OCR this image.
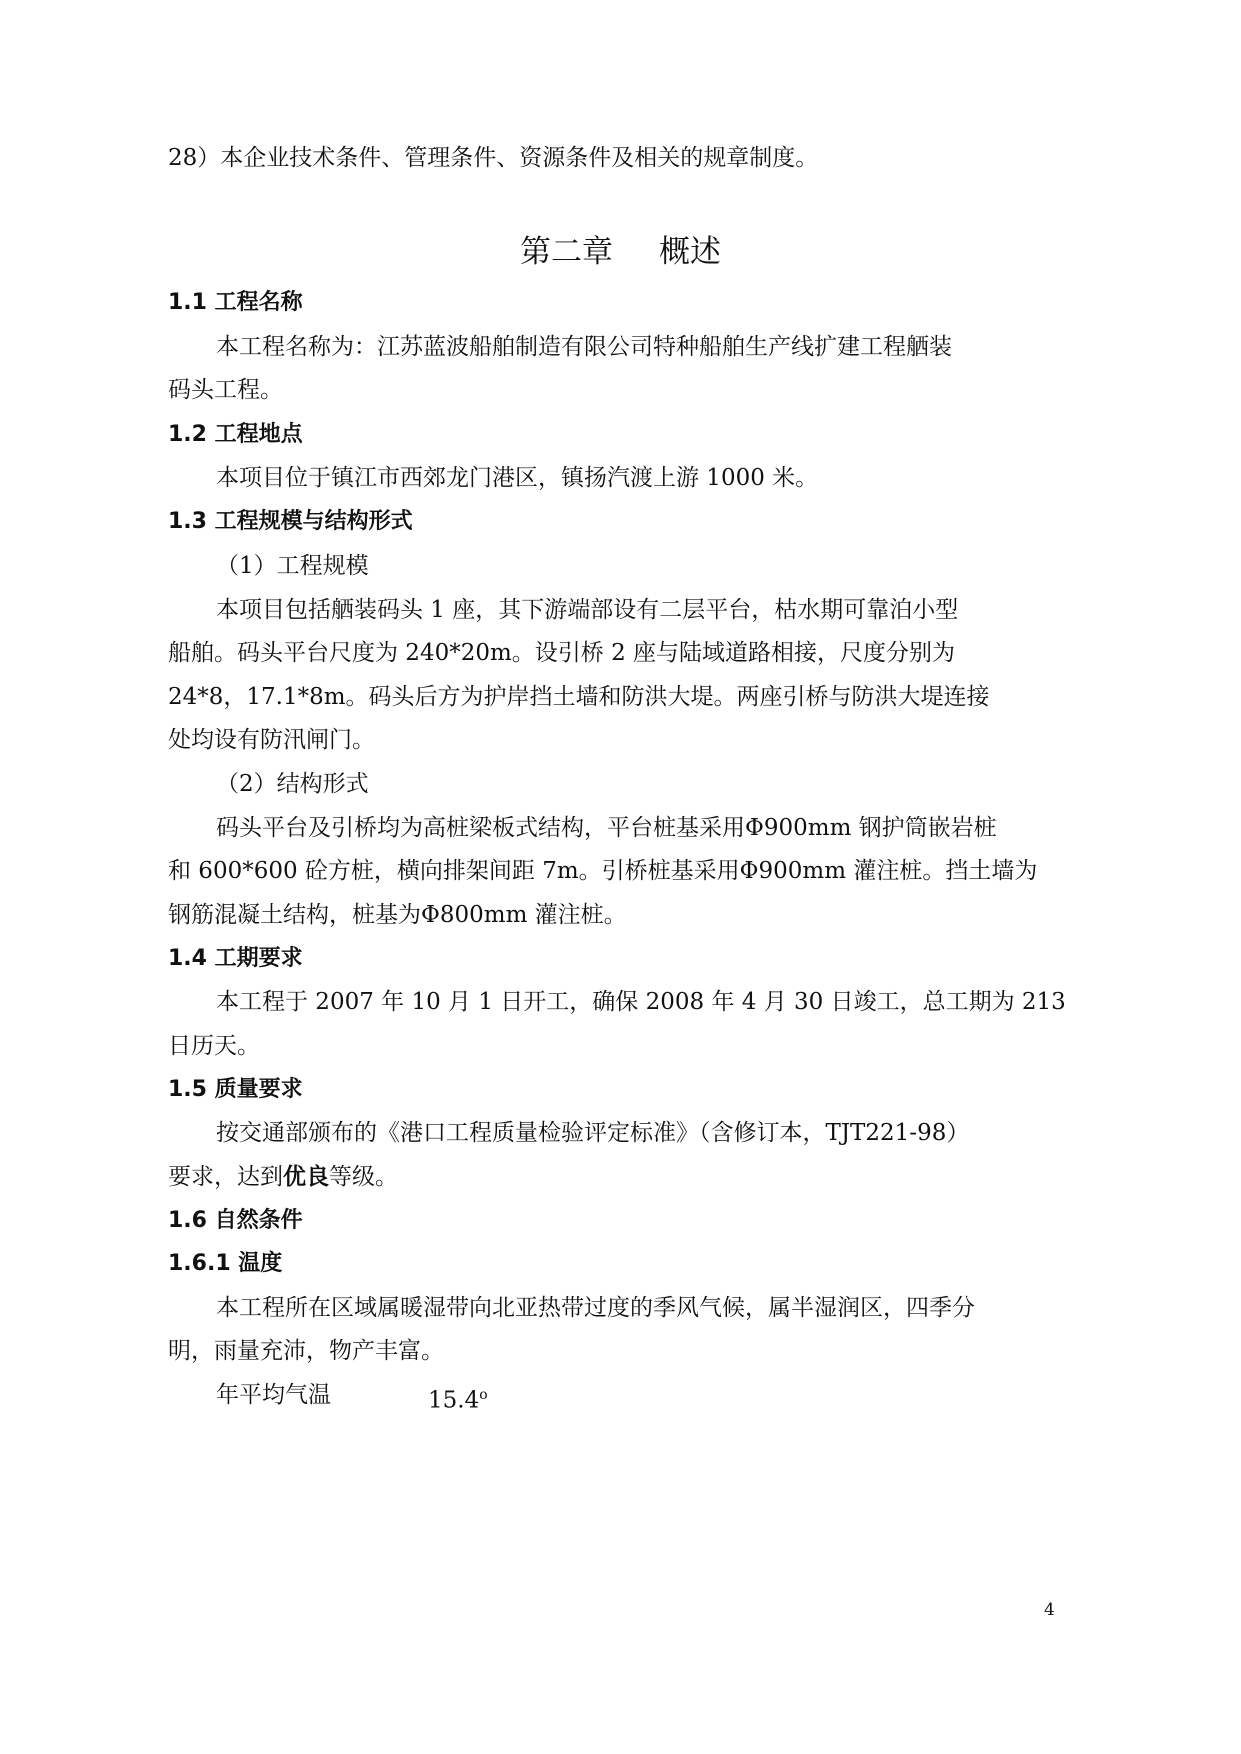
28）本企业技术条件、管理条件、资源条件及相关的规章制度。
第二章 概述
1.1 工程名称
本工程名称为：江苏蓝波船舶制造有限公司特种船舶生产线扩建工程舾装
码头工程。
1.2 工程地点
本项目位于镇江市西郊龙门港区，镇扬汽渡上游 1000 米。
1.3 工程规模与结构形式
（1）工程规模
本项目包括舾装码头 1 座，其下游端部设有二层平台，枯水期可靠泊小型
船舶。码头平台尺度为 240*20m。设引桥 2 座与陆域道路相接，尺度分别为
24*8，17.1*8m。码头后方为护岸挡土墙和防洪大堤。两座引桥与防洪大堤连接
处均设有防汛闸门。
（2）结构形式
码头平台及引桥均为高桩梁板式结构，平台桩基采用Φ900mm 钢护筒嵌岩桩
和 600*600 砼方桩，横向排架间距 7m。引桥桩基采用Φ900mm 灌注桩。挡土墙为
钢筋混凝土结构，桩基为Φ800mm 灌注桩。
1.4 工期要求
本工程于 2007 年 10 月 1 日开工，确保 2008 年 4 月 30 日竣工，总工期为 213
日历天。
1.5 质量要求
按交通部颁布的《港口工程质量检验评定标准》（含修订本，TJT221-98）
要求，达到优良等级。
1.6 自然条件
1.6.1 温度
本工程所在区域属暖湿带向北亚热带过度的季风气候，属半湿润区，四季分
明，雨量充沛，物产丰富。
年平均气温	15.4$^o$
4
